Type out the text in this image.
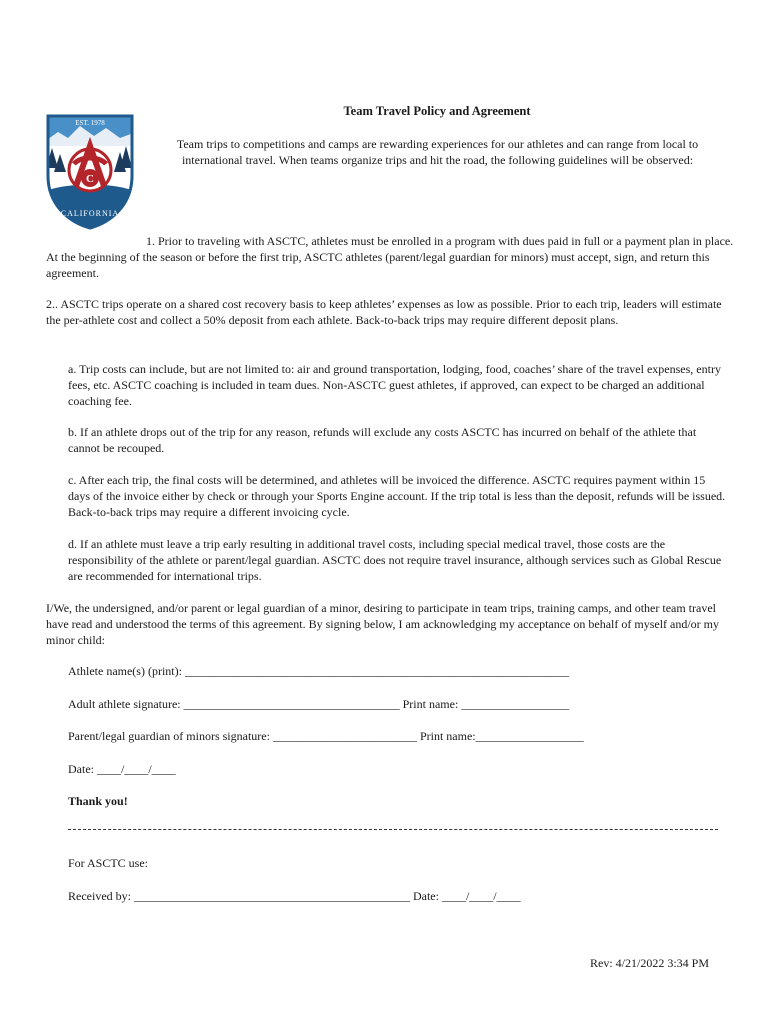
EST. 1978
C
CALIFORNIA
Team Travel Policy and Agreement
Team trips to competitions and camps are rewarding experiences for our athletes and can range from local to international travel. When teams organize trips and hit the road, the following guidelines will be observed:
1. Prior to traveling with ASCTC, athletes must be enrolled in a program with dues paid in full or a payment plan in place. At the beginning of the season or before the first trip, ASCTC athletes (parent/legal guardian for minors) must accept, sign, and return this agreement.
2.. ASCTC trips operate on a shared cost recovery basis to keep athletes’ expenses as low as possible. Prior to each trip, leaders will estimate the per-athlete cost and collect a 50% deposit from each athlete. Back-to-back trips may require different deposit plans.
a. Trip costs can include, but are not limited to: air and ground transportation, lodging, food, coaches’ share of the travel expenses, entry fees, etc. ASCTC coaching is included in team dues. Non-ASCTC guest athletes, if approved, can expect to be charged an additional coaching fee.
b. If an athlete drops out of the trip for any reason, refunds will exclude any costs ASCTC has incurred on behalf of the athlete that cannot be recouped.
c. After each trip, the final costs will be determined, and athletes will be invoiced the difference. ASCTC requires payment within 15 days of the invoice either by check or through your Sports Engine account. If the trip total is less than the deposit, refunds will be issued. Back-to-back trips may require a different invoicing cycle.
d. If an athlete must leave a trip early resulting in additional travel costs, including special medical travel, those costs are the responsibility of the athlete or parent/legal guardian. ASCTC does not require travel insurance, although services such as Global Rescue are recommended for international trips.
I/We, the undersigned, and/or parent or legal guardian of a minor, desiring to participate in team trips, training camps, and other team travel have read and understood the terms of this agreement. By signing below, I am acknowledging my acceptance on behalf of myself and/or my minor child:
Athlete name(s) (print): ________________________________________________________________
Adult athlete signature: ____________________________________ Print name: __________________
Parent/legal guardian of minors signature: ________________________ Print name:__________________
Date: ____/____/____
Thank you!
For ASCTC use:
Received by: ______________________________________________ Date: ____/____/____
Rev: 4/21/2022 3:34 PM
